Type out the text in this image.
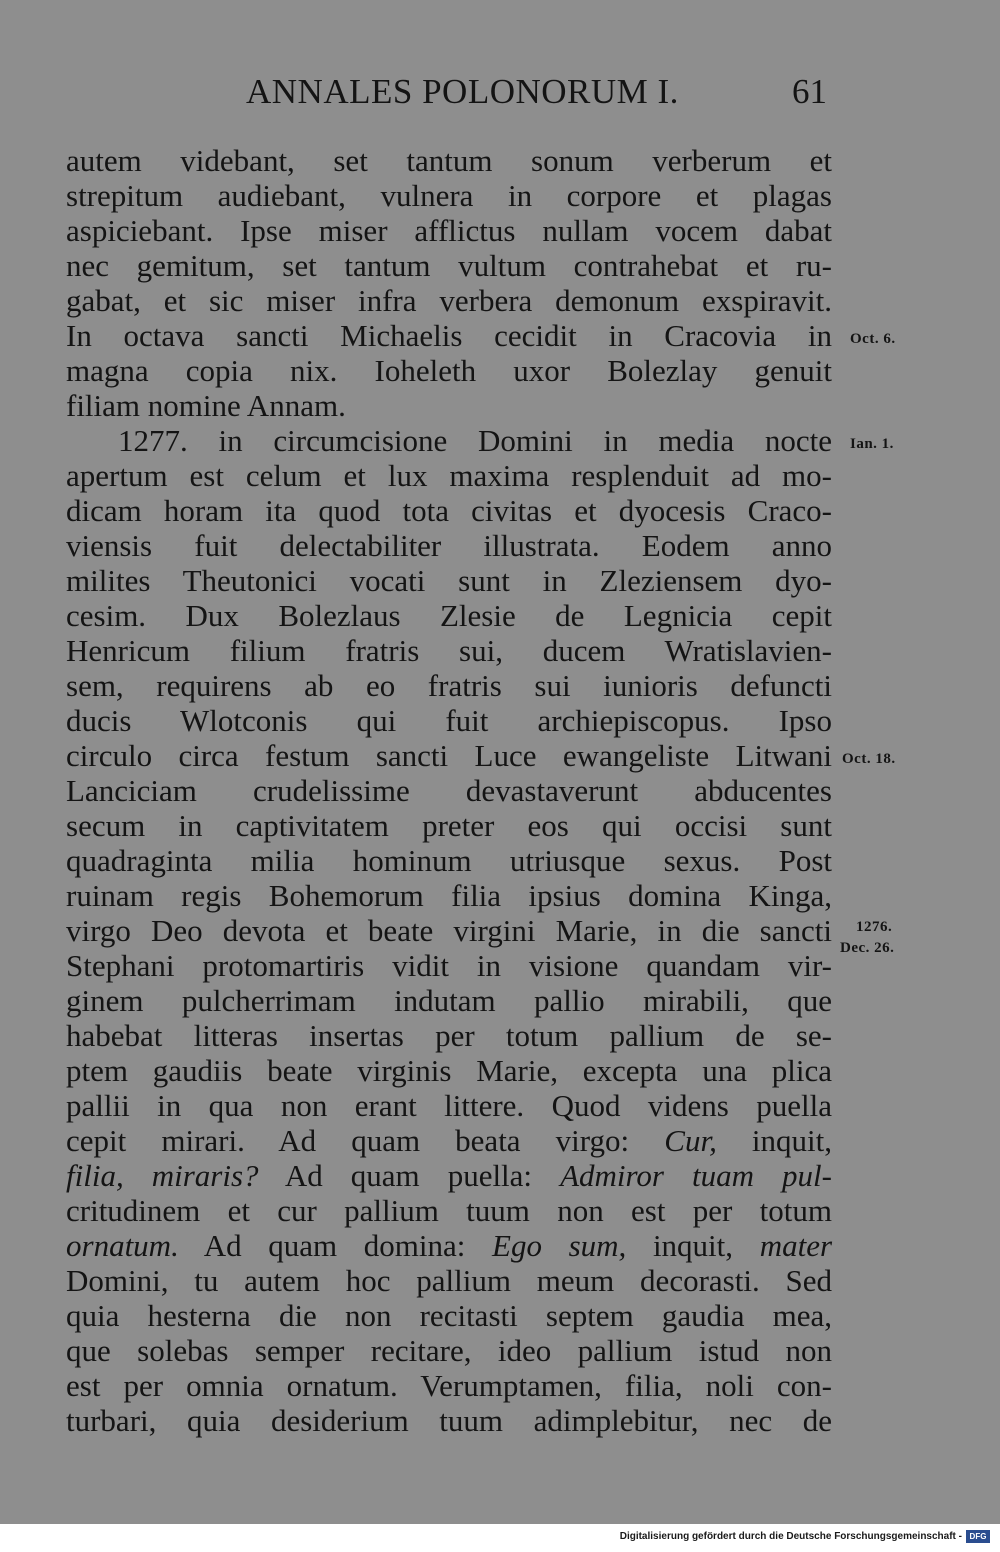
ANNALES POLONORUM I.	61
autem videbant, set tantum sonum verberum et
strepitum audiebant, vulnera in corpore et plagas
aspiciebant. Ipse miser afflictus nullam vocem dabat
nec gemitum, set tantum vultum contrahebat et ru-
gabat, et sic miser infra verbera demonum exspiravit.
In octava sancti Michaelis cecidit in Cracovia in
magna copia nix. Ioheleth uxor Bolezlay genuit
filiam nomine Annam.
1277. in circumcisione Domini in media nocte
apertum est celum et lux maxima resplenduit ad mo-
dicam horam ita quod tota civitas et dyocesis Craco-
viensis fuit delectabiliter illustrata. Eodem anno
milites Theutonici vocati sunt in Zleziensem dyo-
cesim. Dux Bolezlaus Zlesie de Legnicia cepit
Henricum filium fratris sui, ducem Wratislavien-
sem, requirens ab eo fratris sui iunioris defuncti
ducis Wlotconis qui fuit archiepiscopus. Ipso
circulo circa festum sancti Luce ewangeliste Litwani
Lanciciam crudelissime devastaverunt abducentes
secum in captivitatem preter eos qui occisi sunt
quadraginta milia hominum utriusque sexus. Post
ruinam regis Bohemorum filia ipsius domina Kinga,
virgo Deo devota et beate virgini Marie, in die sancti
Stephani protomartiris vidit in visione quandam vir-
ginem pulcherrimam indutam pallio mirabili, que
habebat litteras insertas per totum pallium de se-
ptem gaudiis beate virginis Marie, excepta una plica
pallii in qua non erant littere. Quod videns puella
cepit mirari. Ad quam beata virgo: Cur, inquit,
filia, miraris? Ad quam puella: Admiror tuam pul-
critudinem et cur pallium tuum non est per totum
ornatum. Ad quam domina: Ego sum, inquit, mater
Domini, tu autem hoc pallium meum decorasti. Sed
quia hesterna die non recitasti septem gaudia mea,
que solebas semper recitare, ideo pallium istud non
est per omnia ornatum. Verumptamen, filia, noli con-
turbari, quia desiderium tuum adimplebitur, nec de
Oct. 6.
Ian. 1.
Oct. 18.
1276.
Dec. 26.
Digitalisierung gefördert durch die Deutsche Forschungsgemeinschaft - DFG
